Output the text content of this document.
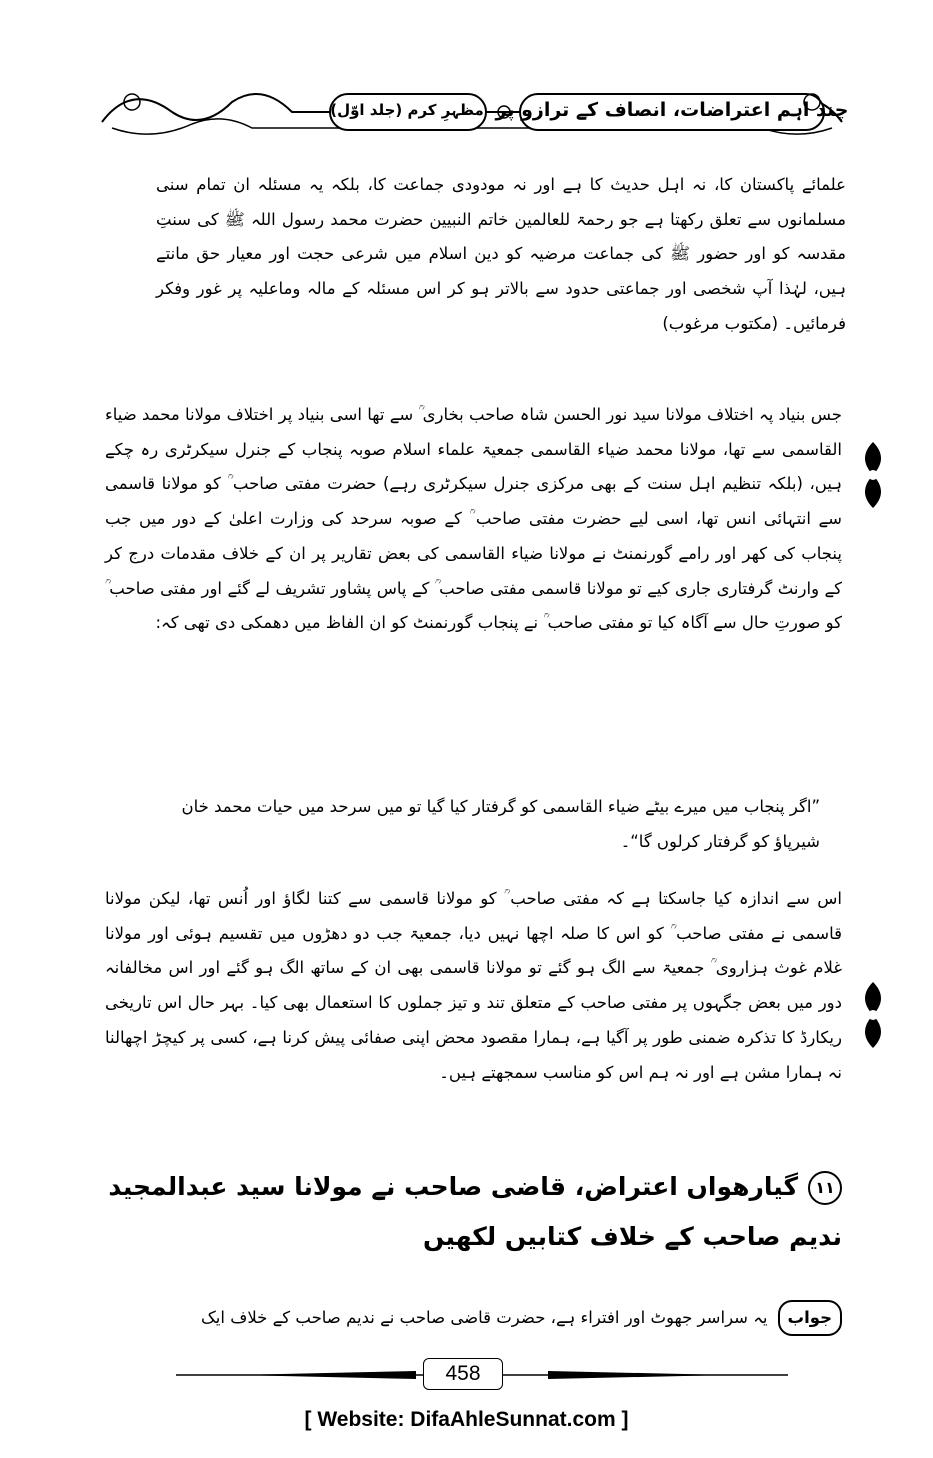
چند اہم اعتراضات، انصاف کے ترازو پر
مظہرِ کرم (جلد اوّل)
علمائے پاکستان کا، نہ اہل حدیث کا ہے اور نہ مودودی جماعت کا، بلکہ یہ مسئلہ ان تمام سنی مسلمانوں سے تعلق رکھتا ہے جو رحمۃ للعالمین خاتم النبیین حضرت محمد رسول اللہ ﷺ کی سنتِ مقدسہ کو اور حضور ﷺ کی جماعت مرضیہ کو دین اسلام میں شرعی حجت اور معیار حق مانتے ہیں، لہٰذا آپ شخصی اور جماعتی حدود سے بالاتر ہو کر اس مسئلہ کے مالہ وماعلیہ پر غور وفکر فرمائیں۔ (مکتوب مرغوب)
جس بنیاد پہ اختلاف مولانا سید نور الحسن شاہ صاحب بخاری ؒ سے تھا اسی بنیاد پر اختلاف مولانا محمد ضیاء القاسمی سے تھا، مولانا محمد ضیاء القاسمی جمعیۃ علماء اسلام صوبہ پنجاب کے جنرل سیکرٹری رہ چکے ہیں، (بلکہ تنظیم اہل سنت کے بھی مرکزی جنرل سیکرٹری رہے) حضرت مفتی صاحب ؒ کو مولانا قاسمی سے انتہائی انس تھا، اسی لیے حضرت مفتی صاحب ؒ کے صوبہ سرحد کی وزارت اعلیٰ کے دور میں جب پنجاب کی کھر اور رامے گورنمنٹ نے مولانا ضیاء القاسمی کی بعض تقاریر پر ان کے خلاف مقدمات درج کر کے وارنٹ گرفتاری جاری کیے تو مولانا قاسمی مفتی صاحب ؒ کے پاس پشاور تشریف لے گئے اور مفتی صاحب ؒ کو صورتِ حال سے آگاہ کیا تو مفتی صاحب ؒ نے پنجاب گورنمنٹ کو ان الفاظ میں دھمکی دی تھی کہ:
”اگر پنجاب میں میرے بیٹے ضیاء القاسمی کو گرفتار کیا گیا تو میں سرحد میں حیات محمد خان شیرپاؤ کو گرفتار کرلوں گا“۔
اس سے اندازہ کیا جاسکتا ہے کہ مفتی صاحب ؒ کو مولانا قاسمی سے کتنا لگاؤ اور اُنس تھا، لیکن مولانا قاسمی نے مفتی صاحب ؒ کو اس کا صلہ اچھا نہیں دیا، جمعیۃ جب دو دھڑوں میں تقسیم ہوئی اور مولانا غلام غوث ہزاروی ؒ جمعیۃ سے الگ ہو گئے تو مولانا قاسمی بھی ان کے ساتھ الگ ہو گئے اور اس مخالفانہ دور میں بعض جگہوں پر مفتی صاحب کے متعلق تند و تیز جملوں کا استعمال بھی کیا۔ بہر حال اس تاریخی ریکارڈ کا تذکرہ ضمنی طور پر آگیا ہے، ہمارا مقصود محض اپنی صفائی پیش کرنا ہے، کسی پر کیچڑ اچھالنا نہ ہمارا مشن ہے اور نہ ہم اس کو مناسب سمجھتے ہیں۔
۱۱گیارھواں اعتراض، قاضی صاحب نے مولانا سید عبدالمجید ندیم صاحب کے خلاف کتابیں لکھیں
جوابیہ سراسر جھوٹ اور افتراء ہے، حضرت قاضی صاحب نے ندیم صاحب کے خلاف ایک
458
[ Website: DifaAhleSunnat.com ]
